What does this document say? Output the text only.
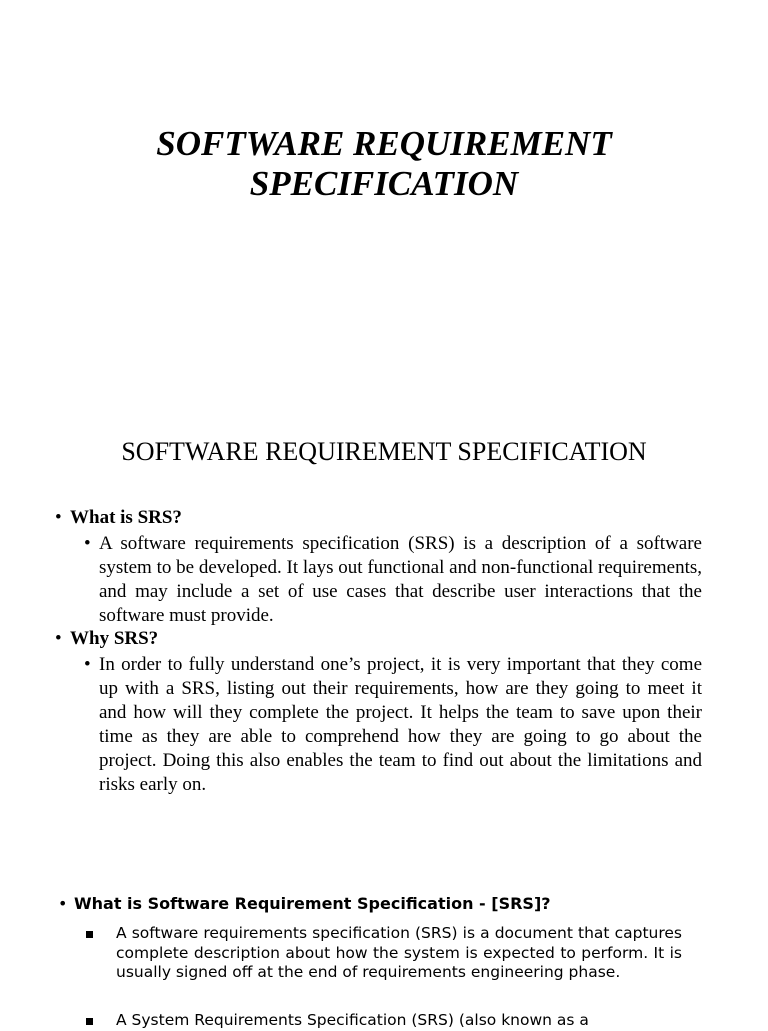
SOFTWARE REQUIREMENT
SPECIFICATION
SOFTWARE REQUIREMENT SPECIFICATION
• What is SRS?
• A software requirements specification (SRS) is a description of a software system to be developed. It lays out functional and non-functional requirements, and may include a set of use cases that describe user interactions that the software must provide.
• Why SRS?
• In order to fully understand one’s project, it is very important that they come up with a SRS, listing out their requirements, how are they going to meet it and how will they complete the project. It helps the team to save upon their time as they are able to comprehend how they are going to go about the project. Doing this also enables the team to find out about the limitations and risks early on.
• What is Software Requirement Specification - [SRS]?
A software requirements specification (SRS) is a document that captures complete description about how the system is expected to perform. It is usually signed off at the end of requirements engineering phase.
A System Requirements Specification (SRS) (also known as a
